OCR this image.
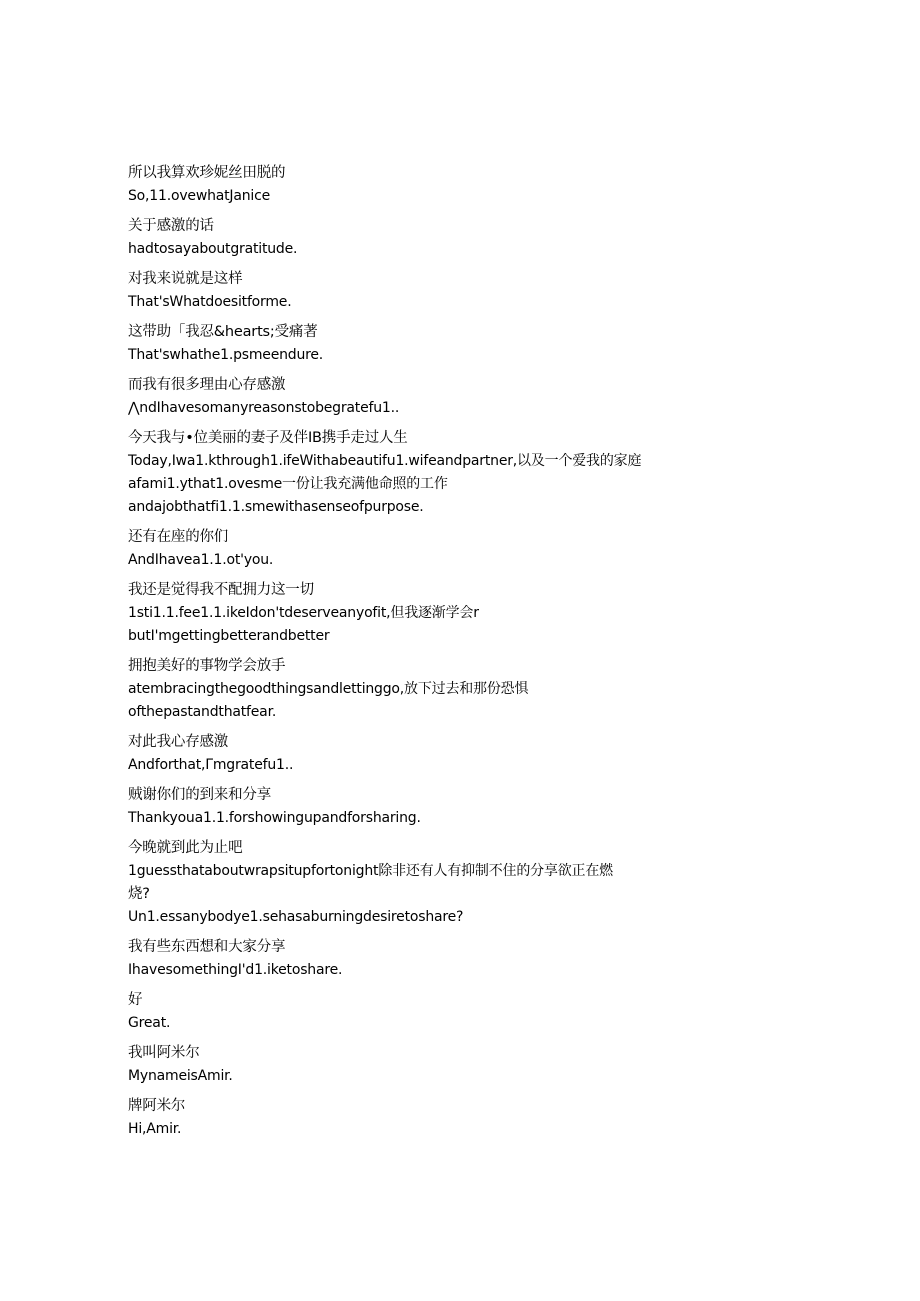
所以我算欢珍妮丝田脱的
So,11.ovewhatJanice
关于感激的话
hadtosayaboutgratitude.
对我来说就是这样
That'sWhatdoesitforme.
这带助「我忍&hearts;受痛著
That'swhathe1.psmeendure.
而我有很多理由心存感激
⋀ndIhavesomanyreasonstobegratefu1..
今天我与•位美丽的妻子及伴IB携手走过人生
Today,Iwa1.kthrough1.ifeWithabeautifu1.wifeandpartner,以及一个爱我的家庭
afami1.ythat1.ovesme一份让我充满他命照的工作
andajobthatfi1.1.smewithasenseofpurpose.
还有在座的你们
AndIhavea1.1.ot'you.
我还是觉得我不配拥力这一切
1sti1.1.fee1.1.ikeIdon'tdeserveanyofit,但我逐渐学会r
butI'mgettingbetterandbetter
拥抱美好的事物学会放手
atembracingthegoodthingsandlettinggo,放下过去和那份恐惧
ofthepastandthatfear.
对此我心存感激
Andforthat,Γmgratefu1..
贼谢你们的到来和分享
Thankyoua1.1.forshowingupandforsharing.
今晚就到此为止吧
1guessthataboutwrapsitupfortonight除非还有人有抑制不住的分享欲正在燃
烧?
Un1.essanybodye1.sehasaburningdesiretoshare?
我有些东西想和大家分享
IhavesomethingI'd1.iketoshare.
好
Great.
我叫阿米尔
MynameisAmir.
牌阿米尔
Hi,Amir.
